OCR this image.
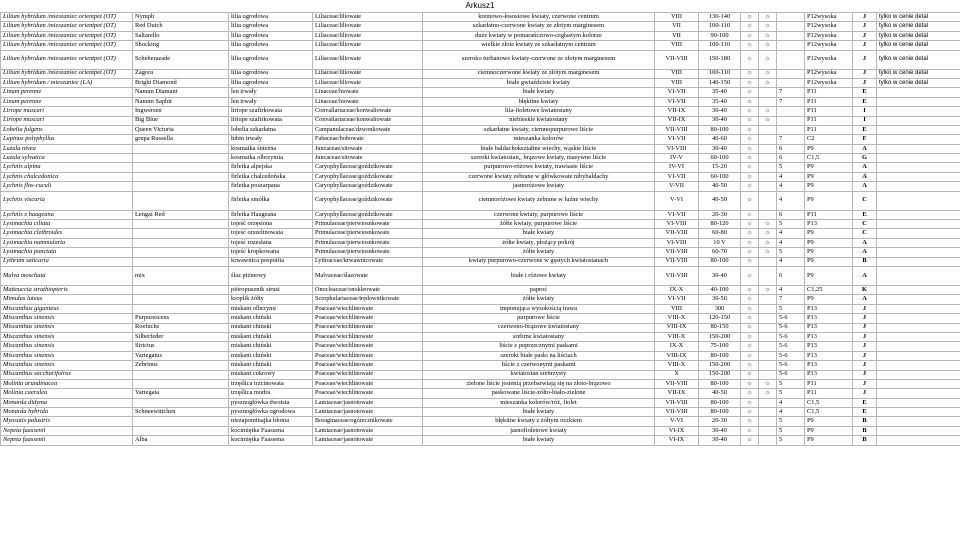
Arkusz1
Lilium hybridum /mieszaniec orientpet (OT)	Nymph	lilia ogrodowa	Liliaceae/liliowate	kremowo-łososiowe kwiaty, czerwone centrum	VIII	130-140	☼	☼		P12wysoka	J	tylko w cenie detal
Lilium hybridum /mieszaniec orientpet (OT)	Red Dutch	lilia ogrodowa	Liliaceae/liliowate	szkarłatno-czerwone kwiaty ze złotym marginesem	VII	100-110	☼	☼		P12wysoka	J	tylko w cenie detal
Lilium hybridum /mieszaniec orientpet (OT)	Saltarello	lilia ogrodowa	Liliaceae/liliowate	duże kwiaty w pomarańczowo-cegłastym kolorze	VII	90-100	☼	☼		P12wysoka	J	tylko w cenie detal
Lilium hybridum /mieszaniec orientpet (OT)	Shocking	lilia ogrodowa	Liliaceae/liliowate	wielkie złote kwiaty ze szkarłatnym centrum	VIII	100-110	☼	☼		P12wysoka	J	tylko w cenie detal
Lilium hybridum /mieszaniec orientpet (OT)	Scheherazade	lilia ogrodowa	Liliaceae/liliowate	szeroko turbanowe kwiaty-czerwone ze złotym marginesem	VII-VIII	150-180	☼	☼		P12wysoka	J	tylko w cenie detal
Lilium hybridum /mieszaniec orientpet (OT)	Zagora	lilia ogrodowa	Liliaceae/liliowate	ciemnoczerwone kwiaty ze złotym marginesem	VIII	100-110	☼	☼		P12wysoka	J	tylko w cenie detal
Lilium hybridum / mieszaniec (LA)	Bright Diamond	lilia ogrodowa	Liliaceae/liliowate	białe gwiaździste kwiaty	VIII	140-150	☼	☼		P12wysoka	J	tylko w cenie detal
Linum perenne	Nanum Diamant	len trwały	Linaceae/lnowate	białe kwiaty	VI-VII	35-40	☼		7	P11	E	
Linum perenne	Nanum Saphir	len trwały	Linaceae/lnowate	błękitne kwiaty	VI-VII	35-40	☼		7	P11	E	
Liriope muscari	Ingwersen	liriope szafirkowata	Convallariaceae/konwaliowate	lila-fioletowe kwiatostany	VII-IX	30-40	☼	☼		P11	I	
Liriope muscari	Big Blue	liriope szafirkowata	Convallariaceae/konwaliowate	niebieskie kwiatostany	VII-IX	30-40	☼	☼		P11	I	
Lobelia fulgens	Queen Victoria	lobelia szkarłatna	Campanulaceae/dzwonkowate	szkarłatne kwiaty, ciemnopurpurowe liście	VII-VIII	80-100	☼			P11	E	
Lupinus polyphyllus	grupa Russella	łubin trwały	Fabaceae/bobowate	mieszanka kolorów	VI-VII	40-60	☼		7	C2	F	
Luzula nivea		kosmatka śnieżna	Juncaceae/sitowate	białe baldachokształtne wiechy, wąskie liście	VI-VIII	30-40	☼		6	P9	A	
Luzula sylvatica		kosmatka olbrzymia	Juncaceae/sitowate	szeroki kwiatostan,, brązowe kwiaty, masywne liście	IV-V	60-100	☼		6	C1,5	G	
Lychnis alpina		firletka alpejska	Caryophyllaceae/goździkowate	purpurowo-różowe kwiaty, trawiaste liście	IV-VI	15-20	☼		5	P9	A	
Lychnis chalcedonica		firletka chalcedońska	Caryophyllaceae/goździkowate	czerwone kwiaty zebrane w główkowate nibybaldachy	VI-VII	60-100	☼		4	P9	A	
Lychnis flos-cuculi		firletka poszarpana	Caryophyllaceae/goździkowate	jasnoróżowe kwiaty	V-VII	40-50	☼		4	P9	A	
Lychnis viscaria		firletka smółka	Caryophyllaceae/goździkowate	ciemnoróżowe kwiaty zebrane w luźne wiechy	V-VI	40-50	☼		4	P9	C	
Lychnis x haageana	Lengai Red	firletka Haageana	Caryophyllaceae/goździkowate	czerwone kwiaty, purpurowe liście	VI-VII	20-30	☼		6	P11	E	
Lysimachia ciliata		tojeść orzęsiona	Primulaceae/pierwiosnkowate	żółte kwiaty, purpurowe liście	VI-VIII	80-120	☼	☼	5	P13	C	
Lysimachia clethroides		tojeść orszelinowata	Primulaceae/pierwiosnkowate	białe kwiaty	VII-VIII	60-80	☼	☼	4	P9	C	
Lysimachia nummularia		tojeść rozesłana	Primulaceae/pierwiosnkowate	żółte kwiaty, płożący pokrój	VI-VIII	10 V	☼	☼	4	P9	A	
Lysimachia punctata		tojeść kropkowana	Primulaceae/pierwiosnkowate	żółte kwiaty	VII-VIII	60-70	☼	☼	5	P9	A	
Lythrum salicaria		krwawnica pospolita	Lythraceae/krwawnicowate	kwiaty purpurowo-czerwone w gęstych kwiatostanach	VII-VIII	80-100	☼		4	P9	B	
Malva moschata	mix	ślaz piżmowy	Malvaceae/ślazowate	białe i różowe kwiaty	VII-VIII	30-40	☼		6	P9	A	
Matteuccia struthiopteris		pióropusznik strusi	Onocleaceae/onokleowate	paproć	IX-X	40-100	☼	☼	4	C1,25	K	
Mimulus luteus		kroplik żółty	Scrophulariaceae/trędownikowate	żółte kwiaty	VI-VII	30-50	☼		7	P9	A	
Miscanthus giganteus		miskant olbrzymi	Poaceae/wiechlinowate	imponująca wysokością trawa	VIII	300	☼		5	P13	J	
Miscanthus sinensis	Purpurescens	miskant chiński	Poaceae/wiechlinowate	purpurowe liście	VIII-X	120-150	☼		5-6	P13	J	
Miscanthus sinensis	Roefuchs	miskant chiński	Poaceae/wiechlinowate	czerwono-brązowe kwiatostany	VIII-IX	80-150	☼		5-6	P13	J	
Miscanthus sinensis	Silberfeder	miskant chiński	Poaceae/wiechlinowate	srebrne kwiatostany	VIII-X	150-200	☼		5-6	P13	J	
Miscanthus sinensis	Strictus	miskant chiński	Poaceae/wiechlinowate	liście z poprzecznymi paskami	IX-X	75-100	☼		5-6	P13	J	
Miscanthus sinensis	Variegatus	miskant chiński	Poaceae/wiechlinowate	szeroki białe paski na liściach	VIII-IX	80-100	☼		5-6	P13	J	
Miscanthus sinensis	Zebrinus	miskant chiński	Poaceae/wiechlinowate	liście z czerwonymi paskami	VIII-X	150-200	☼		5-6	P13	J	
Miscanthus saccharifolrus		miskant cukrowy	Poaceae/wiechlinowate	kwiatostan srebrzysty	X	150-200	☼		5-6	P13	J	
Molinia arundinacea		trzęślica trzcinowata	Poaceae/wiechlinowate	zielone liście jesienią przebarwiają się na złoto-brązowo	VII-VIII	80-100	☼	☼	5	P11	J	
Molinia caerulea	Variegata	trzęślica modra	Poaceae/wiechlinowate	paskowane liście-żółto-biało-zielone	VII-IX	40-50	☼	☼	5	P11	J	
Monarda didyma		pysznogłówka dwoista	Lamiaceae/jasnotowate	mieszanka kolorów/róż, fiolet	VII-VIII	80-100	☼		4	C1,5	E	
Monarda hybrida	Schneewittchen	pysznogłówka ogrodowa	Lamiaceae/jasnotowate	białe kwiaty	VII-VIII	80-100	☼		4	C1,5	E	
Myosotis palustris		niezapominajka błotna	Boraginaceae/ogórecznikowate	błękitne kwiaty z żółtym oczkiem	V-VI	20-30	☼		5	P9	B	
Nepeta faassenii		kocimiętka Faassena	Lamiaceae/jasnotowate	jasnofioletowe kwiaty	VI-IX	30-40	☼		5	P9	B	
Nepeta faassenii	Alba	kocimiętka Faassena	Lamiaceae/jasnotowate	białe kwiaty	VI-IX	30-40	☼		5	P9	B	
